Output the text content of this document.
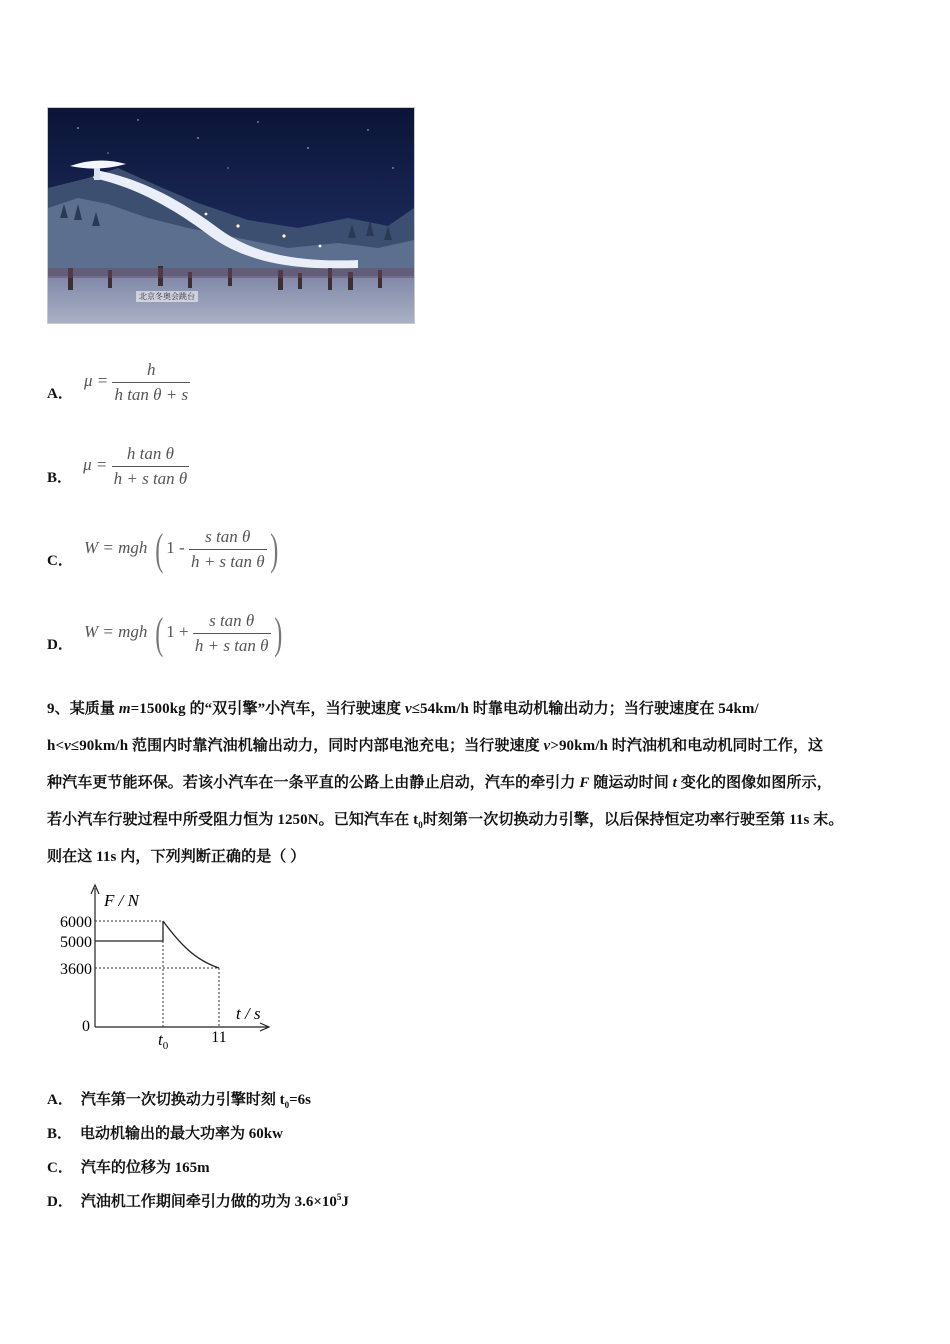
北京冬奥会跳台
A． $\mu = \frac{h}{\text{h tan θ + s}}$
B． $\mu = \frac{\text{h tan θ}}{\text{h + s tan θ}}$
C． W = mgh ( $1 - \frac{\text{s tan θ}}{\text{h + s tan θ}}$ )
D． W = mgh ( $1 + \frac{\text{s tan θ}}{\text{h + s tan θ}}$ )
9、某质量 m=1500kg 的“双引擎”小汽车，当行驶速度 v≤54km/h 时靠电动机输出动力；当行驶速度在 54km/
h<v≤90km/h 范围内时靠汽油机输出动力，同时内部电池充电；当行驶速度 v>90km/h 时汽油机和电动机同时工作，这
种汽车更节能环保。若该小汽车在一条平直的公路上由静止启动，汽车的牵引力 F 随运动时间 t 变化的图像如图所示，
若小汽车行驶过程中所受阻力恒为 1250N。已知汽车在 $t_0$时刻第一次切换动力引擎，以后保持恒定功率行驶至第 11s 末。
则在这 11s 内，下列判断正确的是（ ）
F / N
t / s
6000
5000
3600
0
$t_0$	11
A． 汽车第一次切换动力引擎时刻 $t_0=6s$
B． 电动机输出的最大功率为 60kw
C． 汽车的位移为 165m
D． 汽油机工作期间牵引力做的功为 $3.6\times 10^5J$
